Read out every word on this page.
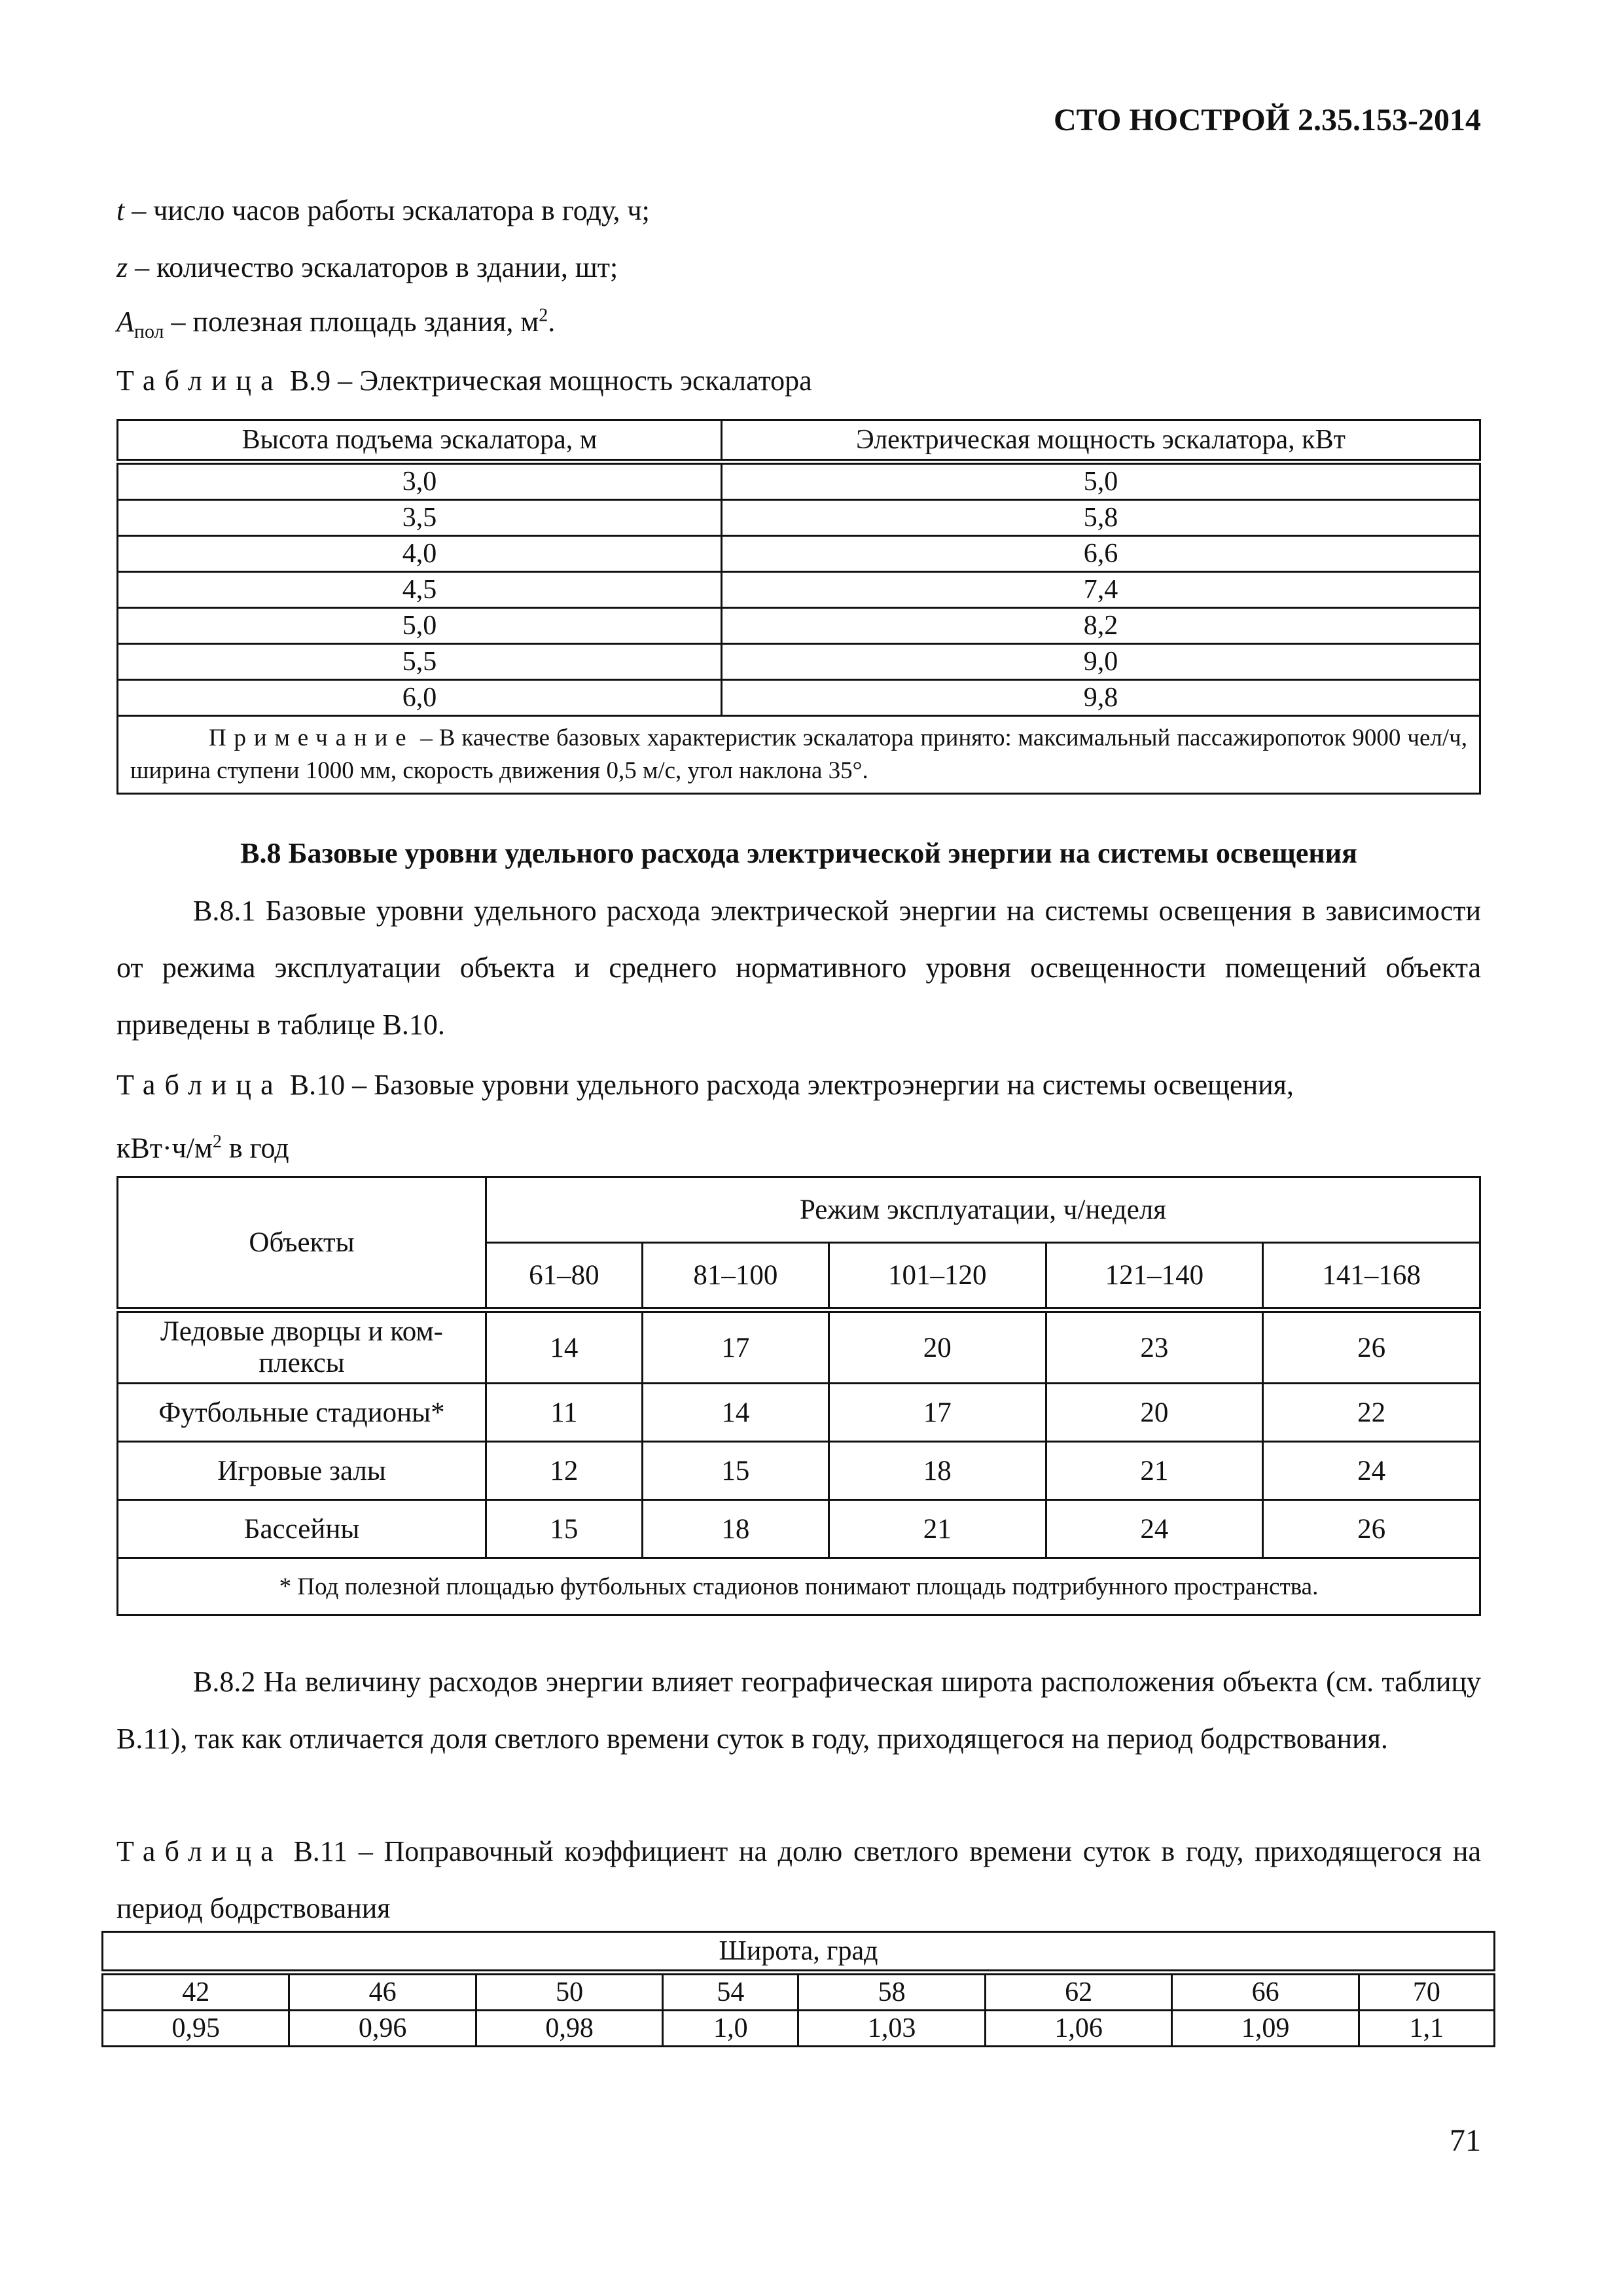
СТО НОСТРОЙ 2.35.153-2014
t – число часов работы эскалатора в году, ч;
z – количество эскалаторов в здании, шт;
$A_{пол}$ – полезная площадь здания, $м^2$.
Таблица В.9 – Электрическая мощность эскалатора
Высота подъема эскалатора, м	Электрическая мощность эскалатора, кВт
3,0	5,0
3,5	5,8
4,0	6,6
4,5	7,4
5,0	8,2
5,5	9,0
6,0	9,8
Примечание – В качестве базовых характеристик эскалатора принято: максимальный пассажиропоток 9000 чел/ч, ширина ступени 1000 мм, скорость движения 0,5 м/с, угол наклона 35°.	
В.8 Базовые уровни удельного расхода электрической энергии на системы освещения
В.8.1 Базовые уровни удельного расхода электрической энергии на системы освещения в зависимости от режима эксплуатации объекта и среднего нормативного уровня освещенности помещений объекта приведены в таблице В.10.
Таблица В.10 – Базовые уровни удельного расхода электроэнергии на системы освещения,
$кВт\cdot ч/м^2$ в год
Объекты	Режим эксплуатации, ч/неделя				
	61–80	81–100	101–120	121–140	141–168
Ледовые дворцы и ком-
плексы	14	17	20	23	26
Футбольные стадионы*	11	14	17	20	22
Игровые залы	12	15	18	21	24
Бассейны	15	18	21	24	26
* Под полезной площадью футбольных стадионов понимают площадь подтрибунного пространства.					
В.8.2 На величину расходов энергии влияет географическая широта расположения объекта (см. таблицу В.11), так как отличается доля светлого времени суток в году, приходящегося на период бодрствования.
Таблица В.11 – Поправочный коэффициент на долю светлого времени суток в году, приходящегося на период бодрствования
Широта, град							
42	46	50	54	58	62	66	70
0,95	0,96	0,98	1,0	1,03	1,06	1,09	1,1
71
